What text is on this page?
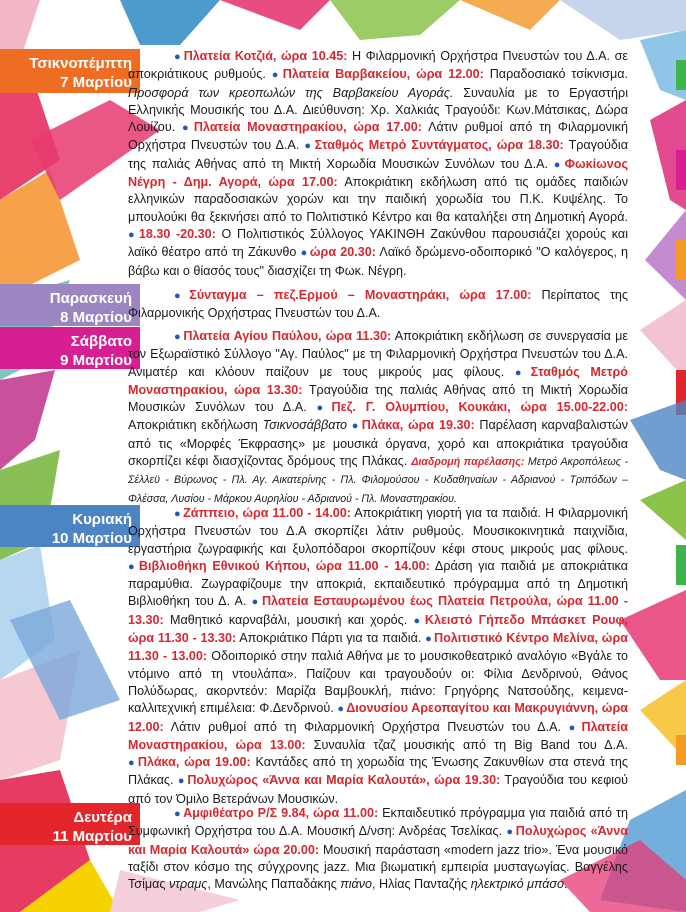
Τσικνοπέμπτη
7 Μαρτίου
Παρασκευή
8 Μαρτίου
Σάββατο
9 Μαρτίου
Κυριακή
10 Μαρτίου
Δευτέρα
11 Μαρτίου
● Πλατεία Κοτζιά, ώρα 10.45: Η Φιλαρμονική Ορχήστρα Πνευστών του Δ.Α. σε αποκριάτικους ρυθμούς. ● Πλατεία Βαρβακείου, ώρα 12.00: Παραδοσιακό τσίκνισμα. Προσφορά των κρεοπωλών της Βαρβακείου Αγοράς. Συναυλία με το Εργαστήρι Ελληνικής Μουσικής του Δ.Α. Διεύθυνση: Χρ. Χαλκιάς Τραγούδι: Κων.Μάτσικας, Δώρα Λουίζου. ● Πλατεία Μοναστηρακίου, ώρα 17.00: Λάτιν ρυθμοί από τη Φιλαρμονική Ορχήστρα Πνευστών του Δ.Α. ● Σταθμός Μετρό Συντάγματος, ώρα 18.30: Τραγούδια της παλιάς Αθήνας από τη Μικτή Χορωδία Μουσικών Συνόλων του Δ.Α. ● Φωκίωνος Νέγρη - Δημ. Αγορά, ώρα 17.00: Αποκριάτικη εκδήλωση από τις ομάδες παιδιών ελληνικών παραδοσιακών χορών και την παιδική χορωδία του Π.Κ. Κυψέλης. Το μπουλούκι θα ξεκινήσει από το Πολιτιστικό Κέντρο και θα καταλήξει στη Δημοτική Αγορά. ● 18.30 -20.30: Ο Πολιτιστικός Σύλλογος ΥΑΚΙΝΘΗ Ζακύνθου παρουσιάζει χορούς και λαϊκό θέατρο από τη Ζάκυνθο ● ώρα 20.30: Λαϊκό δρώμενο-οδοιπορικό "Ο καλόγερος, η βάβω και ο θίασός τους" διασχίζει τη Φωκ. Νέγρη.
● Σύνταγμα – πεζ.Ερμού – Μοναστηράκι, ώρα 17.00: Περίπατος της Φιλαρμονικής Ορχήστρας Πνευστών του Δ.Α.
● Πλατεία Αγίου Παύλου, ώρα 11.30: Αποκριάτικη εκδήλωση σε συνεργασία με τον Εξωραϊστικό Σύλλογο "Αγ. Παύλος" με τη Φιλαρμονική Ορχήστρα Πνευστών του Δ.Α. Ανιματέρ και κλόουν παίζουν με τους μικρούς μας φίλους. ● Σταθμός Μετρό Μοναστηρακίου, ώρα 13.30: Τραγούδια της παλιάς Αθήνας από τη Μικτή Χορωδία Μουσικών Συνόλων του Δ.Α. ● Πεζ. Γ. Ολυμπίου, Κουκάκι, ώρα 15.00-22.00: Αποκριάτικη εκδήλωση Τσικνοσάββατο ● Πλάκα, ώρα 19.30: Παρέλαση καρναβαλιστών από τις «Μορφές Έκφρασης» με μουσικά όργανα, χορό και αποκριάτικα τραγούδια σκορπίζει κέφι διασχίζοντας δρόμους της Πλάκας. Διαδρομή παρέλασης: Μετρό Ακροπόλεως - Σέλλεϋ - Βύρωνος - Πλ. Αγ. Αικατερίνης - Πλ. Φιλομούσου - Κυδαθηναίων - Αδριανού - Τριπόδων – Φλέσσα, Λυσίου - Μάρκου Αυρηλίου - Αδριανού - Πλ. Μοναστηρακίου.
● Ζάππειο, ώρα 11.00 - 14.00: Αποκριάτικη γιορτή για τα παιδιά. Η Φιλαρμονική Ορχήστρα Πνευστών του Δ.Α σκορπίζει λάτιν ρυθμούς. Μουσικοκινητικά παιχνίδια, εργαστήρια ζωγραφικής και ξυλοπόδαροι σκορπίζουν κέφι στους μικρούς μας φίλους. ● Βιβλιοθήκη Εθνικού Κήπου, ώρα 11.00 - 14.00: Δράση για παιδιά με αποκριάτικα παραμύθια. Ζωγραφίζουμε την αποκριά, εκπαιδευτικό πρόγραμμα από τη Δημοτική Βιβλιοθήκη του Δ. Α. ● Πλατεία Εσταυρωμένου έως Πλατεία Πετρούλα, ώρα 11.00 - 13.30: Μαθητικό καρναβάλι, μουσική και χορός. ● Κλειστό Γήπεδο Μπάσκετ Ρουφ, ώρα 11.30 - 13.30: Αποκριάτικο Πάρτι για τα παιδιά. ● Πολιτιστικό Κέντρο Μελίνα, ώρα 11.30 - 13.00: Οδοιπορικό στην παλιά Αθήνα με το μουσικοθεατρικό αναλόγιο «Βγάλε το ντόμινο από τη ντουλάπα». Παίζουν και τραγουδούν οι: Φίλια Δενδρινού, Θάνος Πολύδωρας, ακορντεόν: Μαρίζα Βαμβουκλή, πιάνο: Γρηγόρης Νατσούδης, κειμενα-καλλιτεχνική επιμέλεια: Φ.Δενδρινού. ● Διονυσίου Αρεοπαγίτου και Μακρυγιάννη, ώρα 12.00: Λάτιν ρυθμοί από τη Φιλαρμονική Ορχήστρα Πνευστών του Δ.Α. ● Πλατεία Μοναστηρακίου, ώρα 13.00: Συναυλία τζαζ μουσικής από τη Big Band του Δ.Α. ● Πλάκα, ώρα 19.00: Καντάδες από τη χορωδία της Ένωσης Ζακυνθίων στα στενά της Πλάκας. ● Πολυχώρος «Άννα και Μαρία Καλουτά», ώρα 19.30: Τραγούδια του κεφιού από τον Όμιλο Βετεράνων Μουσικών.
● Αμφιθέατρο Ρ/Σ 9.84, ώρα 11.00: Εκπαιδευτικό πρόγραμμα για παιδιά από τη Συμφωνική Ορχήστρα του Δ.Α. Μουσική Δ/νση: Ανδρέας Τσελίκας. ● Πολυχώρος «Άννα και Μαρία Καλουτά» ώρα 20.00: Μουσική παράσταση «modern jazz trio». Ένα μουσικό ταξίδι στον κόσμο της σύγχρονης jazz. Μια βιωματική εμπειρία μυσταγωγίας. Βαγγέλης Τσίμας ντραμς, Μανώλης Παπαδάκης πιάνο, Ηλίας Πανταζής ηλεκτρικό μπάσο.
